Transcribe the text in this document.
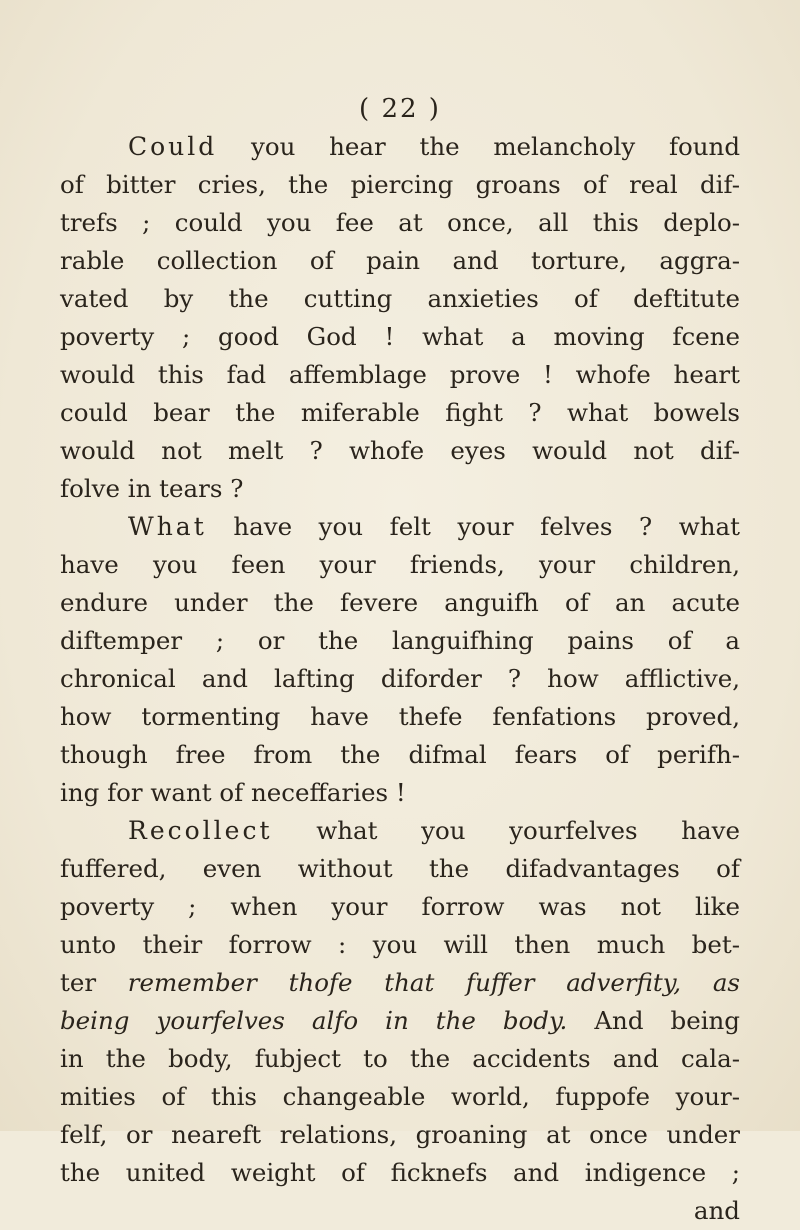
( 22 )
Could you hear the melancholy found
of bitter cries, the piercing groans of real dif-
trefs ; could you fee at once, all this deplo-
rable collection of pain and torture, aggra-
vated by the cutting anxieties of deftitute
poverty ; good God ! what a moving fcene
would this fad affemblage prove ! whofe heart
could bear the miferable fight ? what bowels
would not melt ? whofe eyes would not dif-
folve in tears ?
What have you felt your felves ? what
have you feen your friends, your children,
endure under the fevere anguifh of an acute
diftemper ; or the languifhing pains of a
chronical and lafting diforder ? how afflictive,
how tormenting have thefe fenfations proved,
though free from the difmal fears of perifh-
ing for want of neceffaries !
Recollect what you yourfelves have
fuffered, even without the difadvantages of
poverty ; when your forrow was not like
unto their forrow : you will then much bet-
ter remember thofe that fuffer adverfity, as
being yourfelves alfo in the body. And being
in the body, fubject to the accidents and cala-
mities of this changeable world, fuppofe your-
felf, or neareft relations, groaning at once under
the united weight of ficknefs and indigence ;
and
